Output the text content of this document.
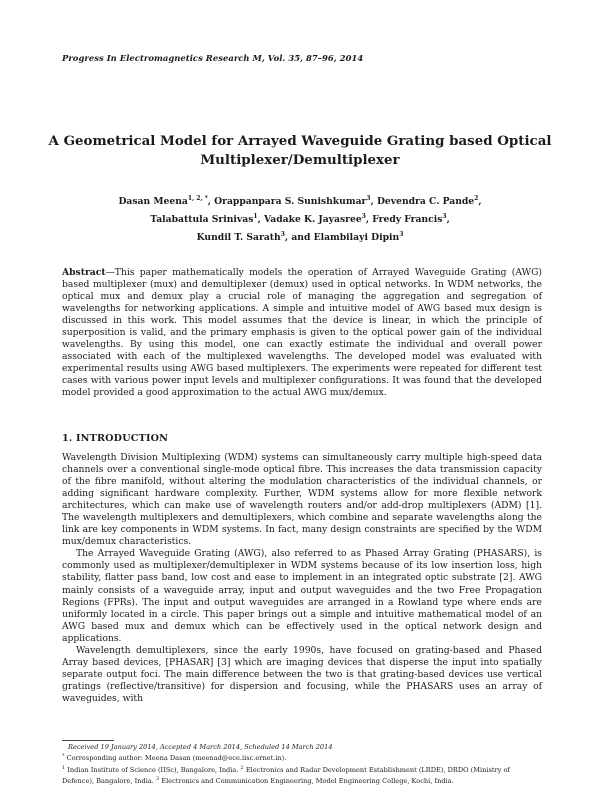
Progress In Electromagnetics Research M, Vol. 35, 87–96, 2014
A Geometrical Model for Arrayed Waveguide Grating based Optical Multiplexer/Demultiplexer
Dasan Meena$^{1, 2, *}$, Orappanpara S. Sunishkumar$^3$, Devendra C. Pande$^2$,
Talabattula Srinivas$^1$, Vadake K. Jayasree$^3$, Fredy Francis$^3$,
Kundil T. Sarath$^3$, and Elambilayi Dipin$^3$
Abstract—This paper mathematically models the operation of Arrayed Waveguide Grating (AWG) based multiplexer (mux) and demultiplexer (demux) used in optical networks. In WDM networks, the optical mux and demux play a crucial role of managing the aggregation and segregation of wavelengths for networking applications. A simple and intuitive model of AWG based mux design is discussed in this work. This model assumes that the device is linear, in which the principle of superposition is valid, and the primary emphasis is given to the optical power gain of the individual wavelengths. By using this model, one can exactly estimate the individual and overall power associated with each of the multiplexed wavelengths. The developed model was evaluated with experimental results using AWG based multiplexers. The experiments were repeated for different test cases with various power input levels and multiplexer configurations. It was found that the developed model provided a good approximation to the actual AWG mux/demux.
1. INTRODUCTION

Wavelength Division Multiplexing (WDM) systems can simultaneously carry multiple high-speed data channels over a conventional single-mode optical fibre. This increases the data transmission capacity of the fibre manifold, without altering the modulation characteristics of the individual channels, or adding significant hardware complexity. Further, WDM systems allow for more flexible network architectures, which can make use of wavelength routers and/or add-drop multiplexers (ADM) [1]. The wavelength multiplexers and demultiplexers, which combine and separate wavelengths along the link are key components in WDM systems. In fact, many design constraints are specified by the WDM mux/demux characteristics.

The Arrayed Waveguide Grating (AWG), also referred to as Phased Array Grating (PHASARS), is commonly used as multiplexer/demultiplexer in WDM systems because of its low insertion loss, high stability, flatter pass band, low cost and ease to implement in an integrated optic substrate [2]. AWG mainly consists of a waveguide array, input and output waveguides and the two Free Propagation Regions (FPRs). The input and output waveguides are arranged in a Rowland type where ends are uniformly located in a circle. This paper brings out a simple and intuitive mathematical model of an AWG based mux and demux which can be effectively used in the optical network design and applications.

Wavelength demultiplexers, since the early 1990s, have focused on grating-based and Phased Array based devices, [PHASAR] [3] which are imaging devices that disperse the input into spatially separate output foci. The main difference between the two is that grating-based devices use vertical gratings (reflective/transitive) for dispersion and focusing, while the PHASARS uses an array of waveguides, with

Received 19 January 2014, Accepted 4 March 2014, Scheduled 14 March 2014
* Corresponding author: Meena Dasan (meenad@ece.iisc.ernet.in).
$^1$ Indian Institute of Science (IISc), Bangalore, India. $^2$ Electronics and Radar Development Establishment (LRDE), DRDO (Ministry of Defence), Bangalore, India. $^3$ Electronics and Communication Engineering, Model Engineering College, Kochi, India.
